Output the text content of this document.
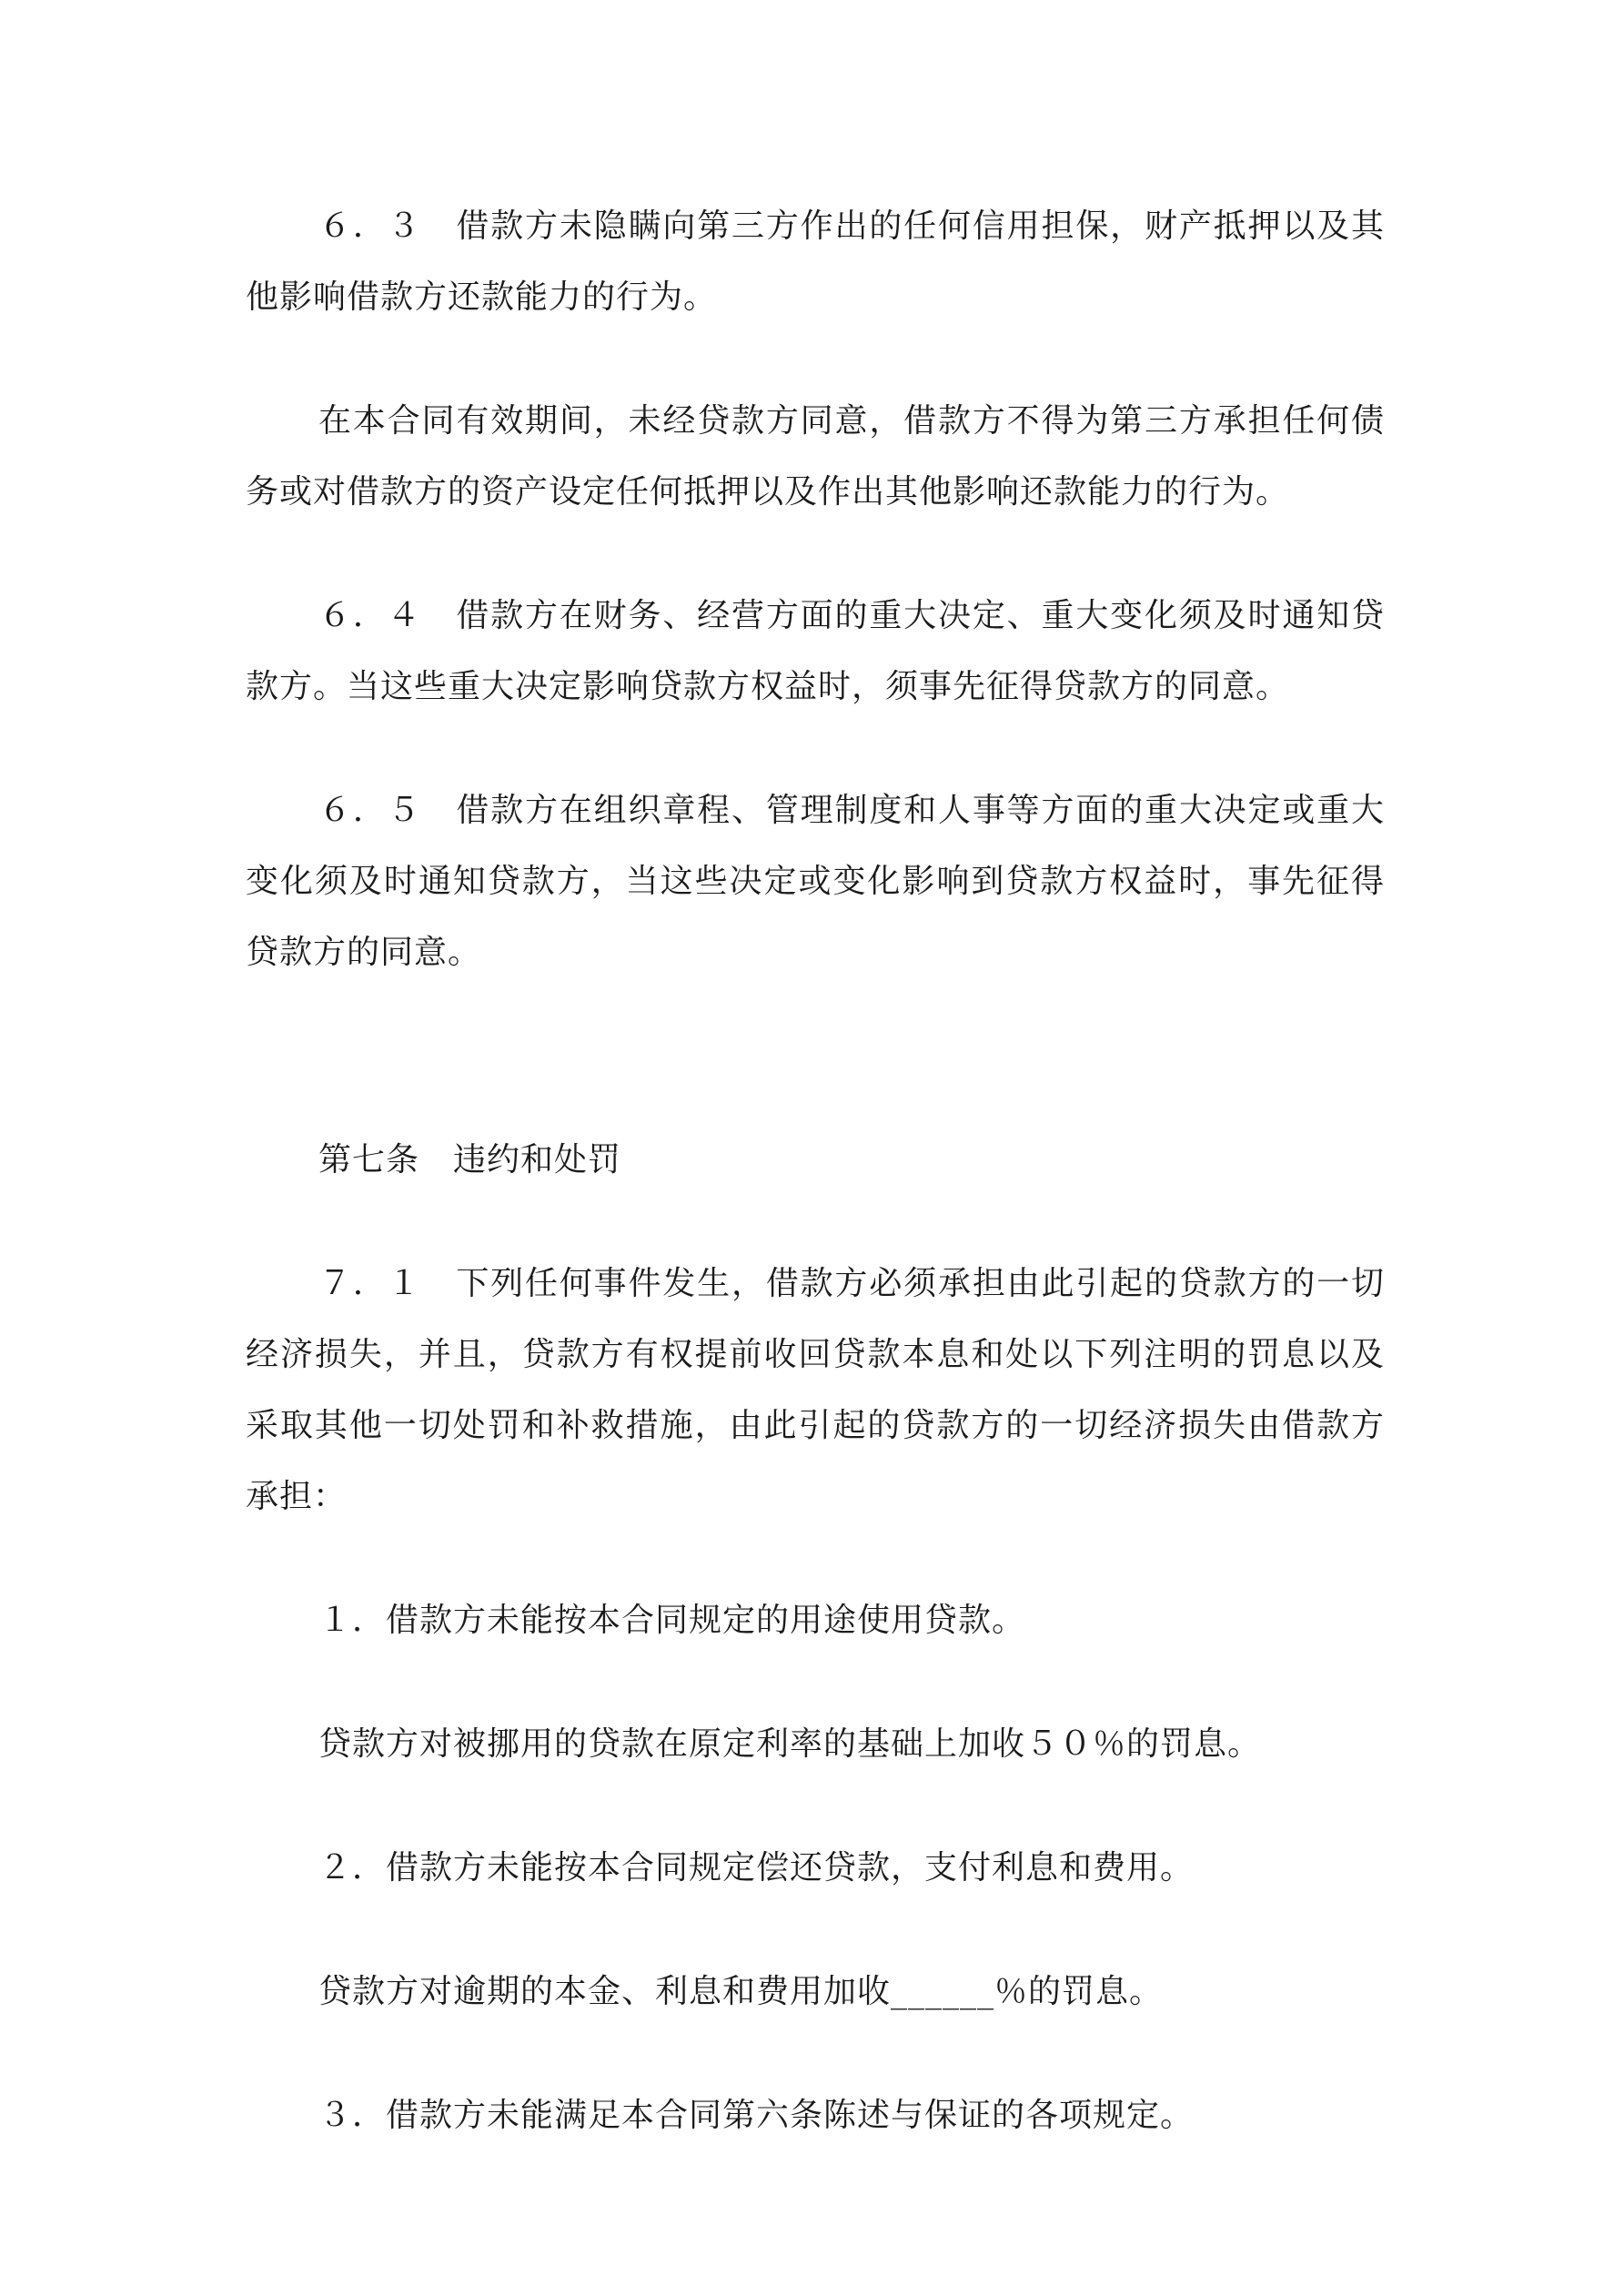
６．３　借款方未隐瞒向第三方作出的任何信用担保，财产抵押以及其他影响借款方还款能力的行为。

在本合同有效期间，未经贷款方同意，借款方不得为第三方承担任何债务或对借款方的资产设定任何抵押以及作出其他影响还款能力的行为。

６．４　借款方在财务、经营方面的重大决定、重大变化须及时通知贷款方。当这些重大决定影响贷款方权益时，须事先征得贷款方的同意。

６．５　借款方在组织章程、管理制度和人事等方面的重大决定或重大变化须及时通知贷款方，当这些决定或变化影响到贷款方权益时，事先征得贷款方的同意。

第七条　违约和处罚

７．１　下列任何事件发生，借款方必须承担由此引起的贷款方的一切经济损失，并且，贷款方有权提前收回贷款本息和处以下列注明的罚息以及采取其他一切处罚和补救措施，由此引起的贷款方的一切经济损失由借款方承担：

１．借款方未能按本合同规定的用途使用贷款。

贷款方对被挪用的贷款在原定利率的基础上加收５０％的罚息。

２．借款方未能按本合同规定偿还贷款，支付利息和费用。

贷款方对逾期的本金、利息和费用加收______％的罚息。

３．借款方未能满足本合同第六条陈述与保证的各项规定。
